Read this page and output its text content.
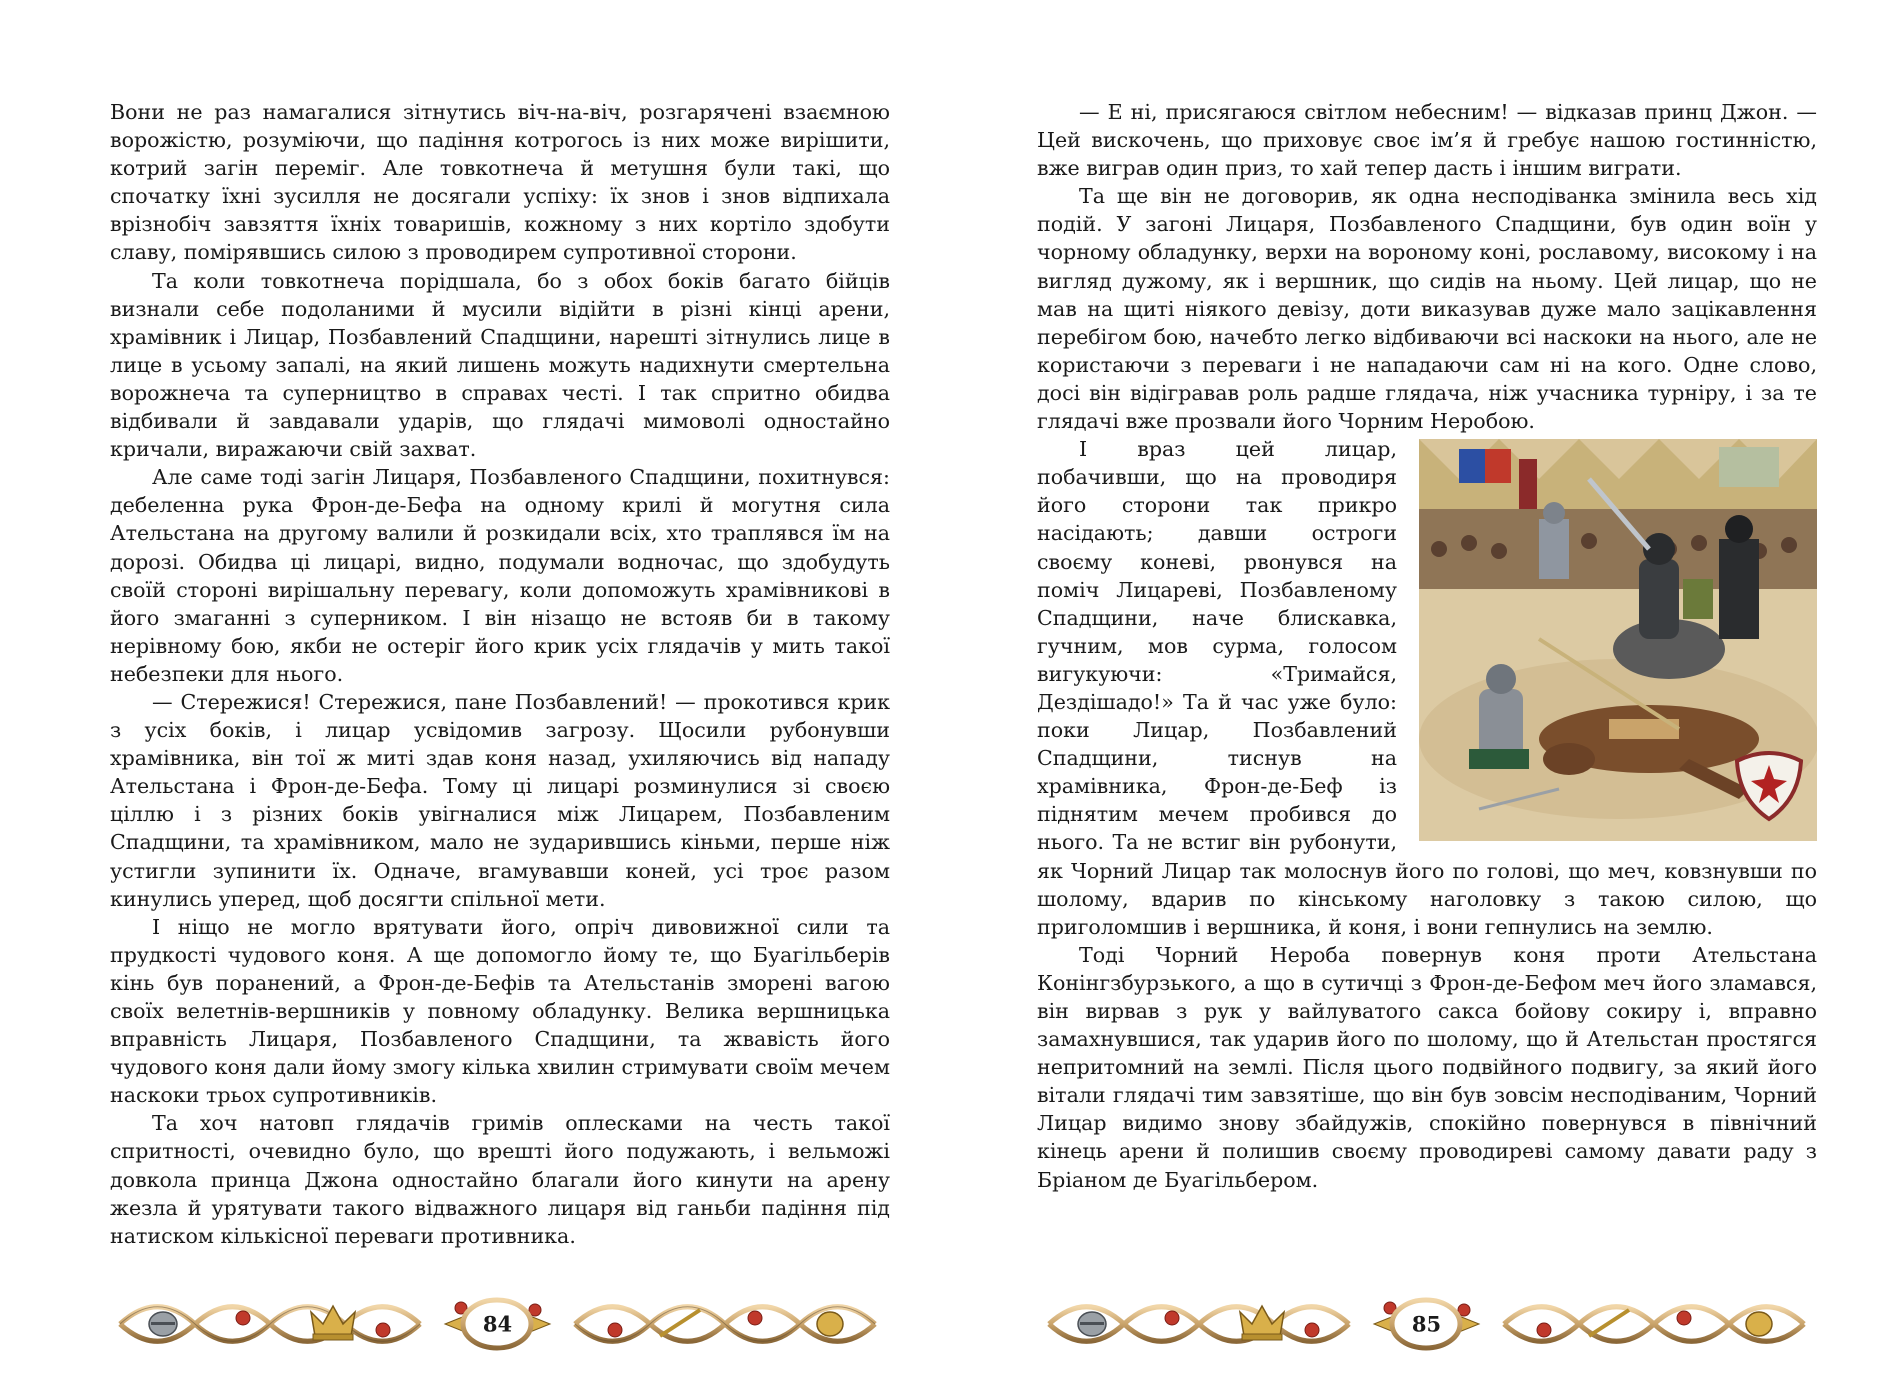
Вони не раз намагалися зітнутись віч-на-віч, розгарячені взаємною ворожістю, розуміючи, що падіння котрогось із них може вирішити, котрий загін переміг. Але товкотнеча й метушня були такі, що спочатку їхні зусилля не досягали успіху: їх знов і знов відпихала врізнобіч завзяття їхніх товаришів, кожному з них кортіло здобути славу, помірявшись силою з проводирем супротивної сторони.

Та коли товкотнеча порідшала, бо з обох боків багато бійців визнали себе подоланими й мусили відійти в різні кінці арени, храмівник і Лицар, Позбавлений Спадщини, нарешті зітнулись лице в лице в усьому запалі, на який лишень можуть надихнути смертельна ворожнеча та суперництво в справах честі. І так спритно обидва відбивали й завдавали ударів, що глядачі мимоволі одностайно кричали, виражаючи свій захват.

Але саме тоді загін Лицаря, Позбавленого Спадщини, похитнувся: дебеленна рука Фрон-де-Бефа на одному крилі й могутня сила Ательстана на другому валили й розкидали всіх, хто траплявся їм на дорозі. Обидва ці лицарі, видно, подумали водночас, що здобудуть своїй стороні вирішальну перевагу, коли допоможуть храмівникові в його змаганні з суперником. І він нізащо не встояв би в такому нерівному бою, якби не остеріг його крик усіх глядачів у мить такої небезпеки для нього.

— Стережися! Стережися, пане Позбавлений! — прокотився крик з усіх боків, і лицар усвідомив загрозу. Щосили рубонувши храмівника, він тої ж миті здав коня назад, ухиляючись від нападу Ательстана і Фрон-де-Бефа. Тому ці лицарі розминулися зі своєю ціллю і з різних боків увігналися між Лицарем, Позбавленим Спадщини, та храмівником, мало не зударившись кіньми, перше ніж устигли зупинити їх. Одначе, вгамувавши коней, усі троє разом кинулись уперед, щоб досягти спільної мети.

І ніщо не могло врятувати його, опріч дивовижної сили та прудкості чудового коня. А ще допомогло йому те, що Буагільберів кінь був поранений, а Фрон-де-Бефів та Ательстанів зморені вагою своїх велетнів-вершників у повному обладунку. Велика вершницька вправність Лицаря, Позбавленого Спадщини, та жвавість його чудового коня дали йому змогу кілька хвилин стримувати своїм мечем наскоки трьох супротивників.

Та хоч натовп глядачів гримів оплесками на честь такої спритності, очевидно було, що врешті його подужають, і вельможі довкола принца Джона одностайно благали його кинути на арену жезла й урятувати такого відважного лицаря від ганьби падіння під натиском кількісної переваги противника.

84

— Е ні, присягаюся світлом небесним! — відказав принц Джон. — Цей вискочень, що приховує своє ім’я й гребує нашою гостинністю, вже виграв один приз, то хай тепер дасть і іншим виграти.

Та ще він не договорив, як одна несподіванка змінила весь хід подій. У загоні Лицаря, Позбавленого Спадщини, був один воїн у чорному обладунку, верхи на вороному коні, рославому, високому і на вигляд дужому, як і вершник, що сидів на ньому. Цей лицар, що не мав на щиті ніякого девізу, доти виказував дуже мало зацікавлення перебігом бою, начебто легко відбиваючи всі наскоки на нього, але не користаючи з переваги і не нападаючи сам ні на кого. Одне слово, досі він відігравав роль радше глядача, ніж учасника турніру, і за те глядачі вже прозвали його Чорним Неробою.

І враз цей лицар, побачивши, що на проводиря його сторони так прикро насідають; давши остроги своєму коневі, рвонувся на поміч Лицареві, Позбавленому Спадщини, наче блискавка, гучним, мов сурма, голосом вигукуючи: «Тримайся, Дездішадо!» Та й час уже було: поки Лицар, Позбавлений Спадщини, тиснув на храмівника, Фрон-де-Беф із піднятим мечем пробився до нього. Та не встиг він рубонути, як Чорний Лицар так молоснув його по голові, що меч, ковзнувши по шолому, вдарив по кінському наголовку з такою силою, що приголомшив і вершника, й коня, і вони гепнулись на землю.

Тоді Чорний Нероба повернув коня проти Ательстана Конінгзбурзького, а що в сутичці з Фрон-де-Бефом меч його зламався, він вирвав з рук у вайлуватого сакса бойову сокиру і, вправно замахнувшися, так ударив його по шолому, що й Ательстан простягся непритомний на землі. Після цього подвійного подвигу, за який його вітали глядачі тим завзятіше, що він був зовсім несподіваним, Чорний Лицар видимо знову збайдужів, спокійно повернувся в північний кінець арени й полишив своєму проводиреві самому давати раду з Бріаном де Буагільбером.

85
